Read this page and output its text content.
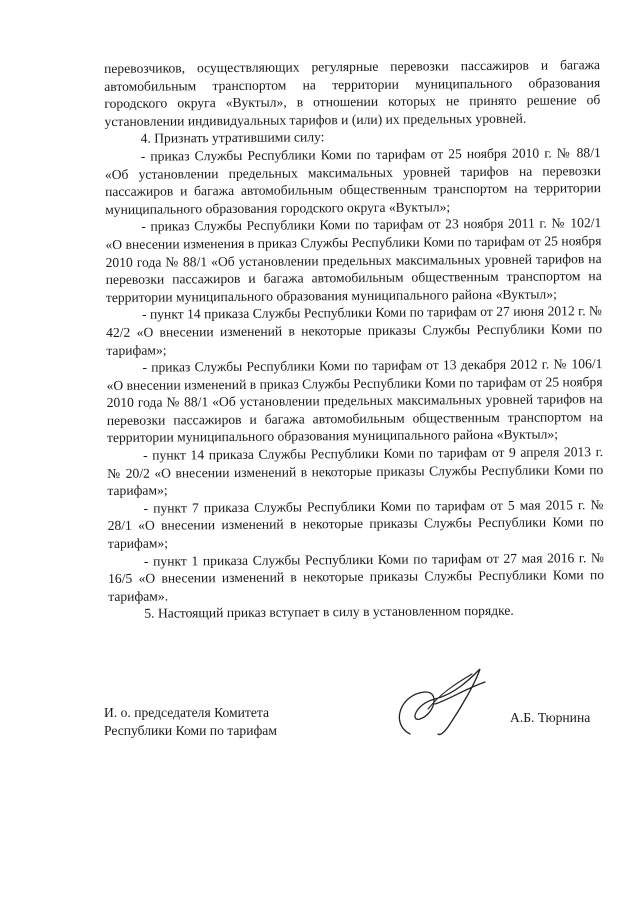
перевозчиков, осуществляющих регулярные перевозки пассажиров и багажа автомобильным транспортом на территории муниципального образования городского округа «Вуктыл», в отношении которых не принято решение об установлении индивидуальных тарифов и (или) их предельных уровней.

4. Признать утратившими силу:

- приказ Службы Республики Коми по тарифам от 25 ноября 2010 г. № 88/1 «Об установлении предельных максимальных уровней тарифов на перевозки пассажиров и багажа автомобильным общественным транспортом на территории муниципального образования городского округа «Вуктыл»;

- приказ Службы Республики Коми по тарифам от 23 ноября 2011 г. № 102/1 «О внесении изменения в приказ Службы Республики Коми по тарифам от 25 ноября 2010 года № 88/1 «Об установлении предельных максимальных уровней тарифов на перевозки пассажиров и багажа автомобильным общественным транспортом на территории муниципального образования муниципального района «Вуктыл»;

- пункт 14 приказа Службы Республики Коми по тарифам от 27 июня 2012 г. № 42/2 «О внесении изменений в некоторые приказы Службы Республики Коми по тарифам»;

- приказ Службы Республики Коми по тарифам от 13 декабря 2012 г. № 106/1 «О внесении изменений в приказ Службы Республики Коми по тарифам от 25 ноября 2010 года № 88/1 «Об установлении предельных максимальных уровней тарифов на перевозки пассажиров и багажа автомобильным общественным транспортом на территории муниципального образования муниципального района «Вуктыл»;

- пункт 14 приказа Службы Республики Коми по тарифам от 9 апреля 2013 г. № 20/2 «О внесении изменений в некоторые приказы Службы Республики Коми по тарифам»;

- пункт 7 приказа Службы Республики Коми по тарифам от 5 мая 2015 г. № 28/1 «О внесении изменений в некоторые приказы Службы Республики Коми по тарифам»;

- пункт 1 приказа Службы Республики Коми по тарифам от 27 мая 2016 г. № 16/5 «О внесении изменений в некоторые приказы Службы Республики Коми по тарифам».

5. Настоящий приказ вступает в силу в установленном порядке.

И. о. председателя Комитета
Республики Коми по тарифам
А.Б. Тюрнина
